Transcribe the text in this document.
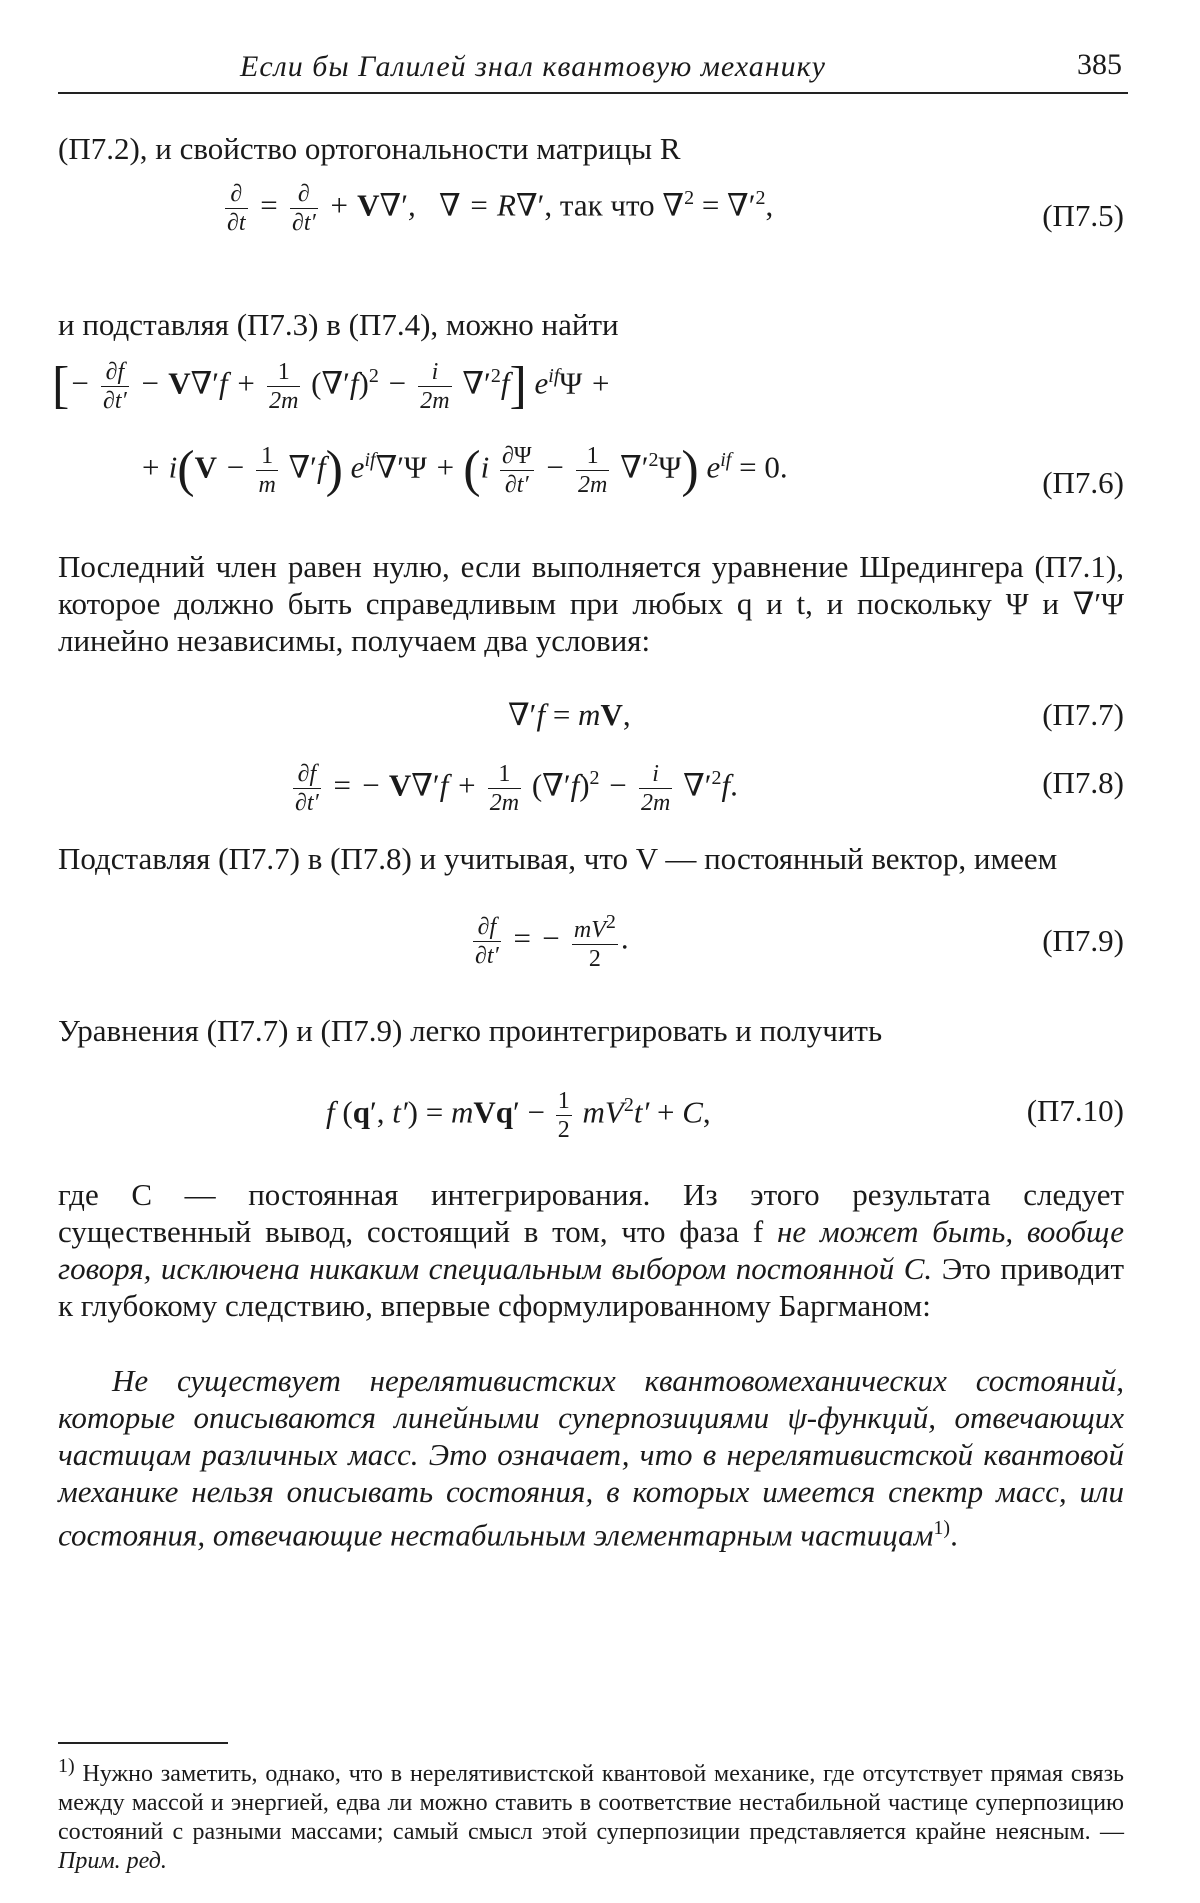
Если бы Галилей знал квантовую механику	385
(П7.2), и свойство ортогональности матрицы R
$\frac{\partial}{\partial t} = \frac{\partial}{\partial t'} + V\nabla'$,   ∇ = R∇′, так что $\nabla^2 = \nabla'^2$,	(П7.5)
и подставляя (П7.3) в (П7.4), можно найти
[− $\frac{\partial f}{\partial t'} - V\nabla'f + \frac{1}{2m} (\nabla'f)^2 - \frac{i}{2m} \nabla'^2f$] $e^{if}\Psi$ +
+ $i(V - \frac{1}{m} \nabla'f)$ $e^{if}\nabla'\Psi + (i \frac{\partial\Psi}{\partial t'} - \frac{1}{2m} \nabla'^2\Psi) e^{if} = 0$.	(П7.6)
Последний член равен нулю, если выполняется уравнение Шредингера (П7.1), которое должно быть справедливым при любых q и t, и поскольку Ψ и ∇′Ψ линейно независимы, получаем два условия:
∇′f = mV,	(П7.7)
$\frac{\partial f}{\partial t'}$ = − $V\nabla'f + \frac{1}{2m} (\nabla'f)^2 - \frac{i}{2m} \nabla'^2f$.	(П7.8)
Подставляя (П7.7) в (П7.8) и учитывая, что V — постоянный вектор, имеем
$\frac{\partial f}{\partial t'}$ = − $\frac{mV^2}{2}$ .	(П7.9)
Уравнения (П7.7) и (П7.9) легко проинтегрировать и получить
f (q′, $t') = mVq' - \frac{1}{2} mV^2t' + C$,	(П7.10)
где C — постоянная интегрирования. Из этого результата следует существенный вывод, состоящий в том, что фаза f не может быть, вообще говоря, исключена никаким специальным выбором постоянной C. Это приводит к глубокому следствию, впервые сформулированному Баргманом:
Не существует нерелятивистских квантовомеханических состояний, которые описываются линейными суперпозициями ψ-функций, отвечающих частицам различных масс. Это означает, что в нерелятивистской квантовой механике нельзя описывать состояния, в которых имеется спектр масс, или состояния, отвечающие нестабильным элементарным частицам$^{1)}$.
$^{1)}$ Нужно заметить, однако, что в нерелятивистской квантовой механике, где отсутствует прямая связь между массой и энергией, едва ли можно ставить в соответствие нестабильной частице суперпозицию состояний с разными массами; самый смысл этой суперпозиции представляется крайне неясным. — Прим. ред.
